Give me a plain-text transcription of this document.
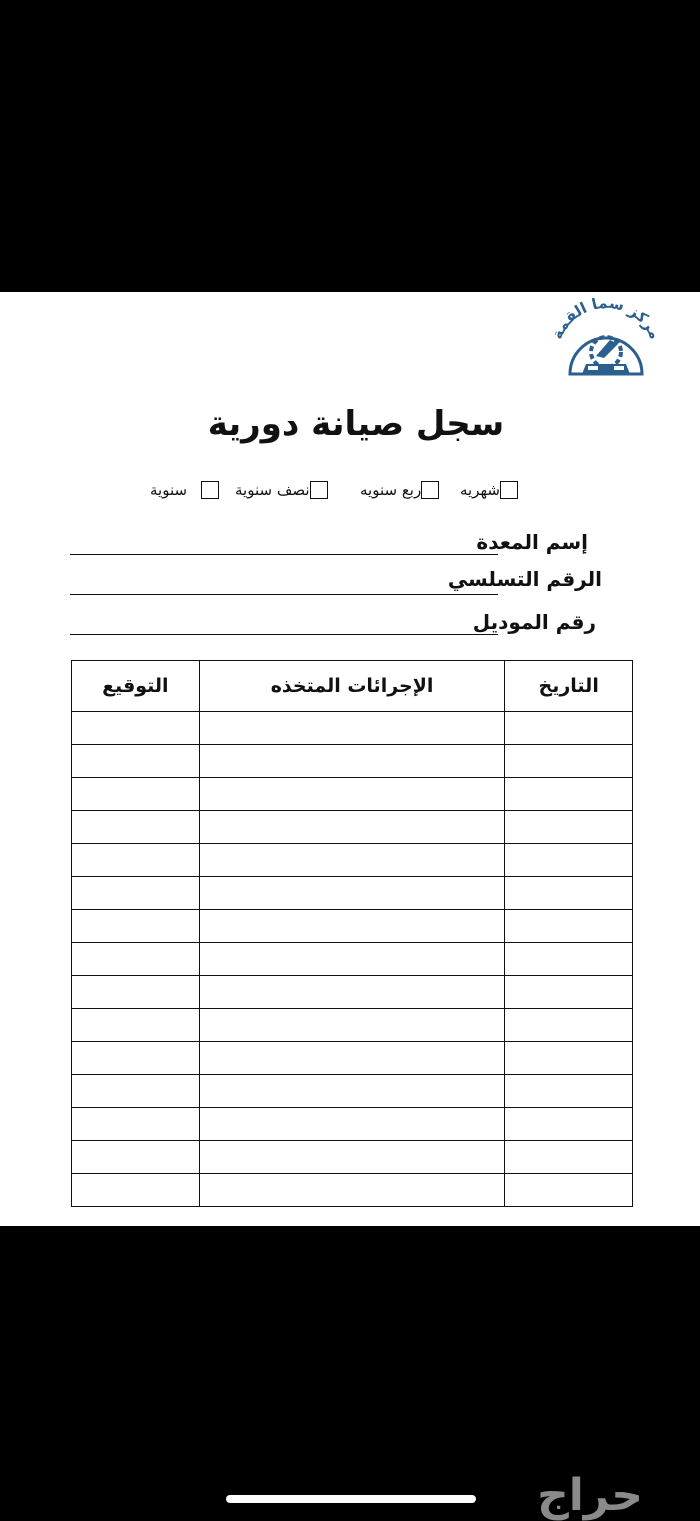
مركز سما القمة
سجل صيانة دورية
شهريه
ربع سنويه
نصف سنوية
سنوية
إسم المعدة
الرقم التسلسي
رقم الموديل
التاريخ	الإجرائات المتخذه	التوقيع

حراج
